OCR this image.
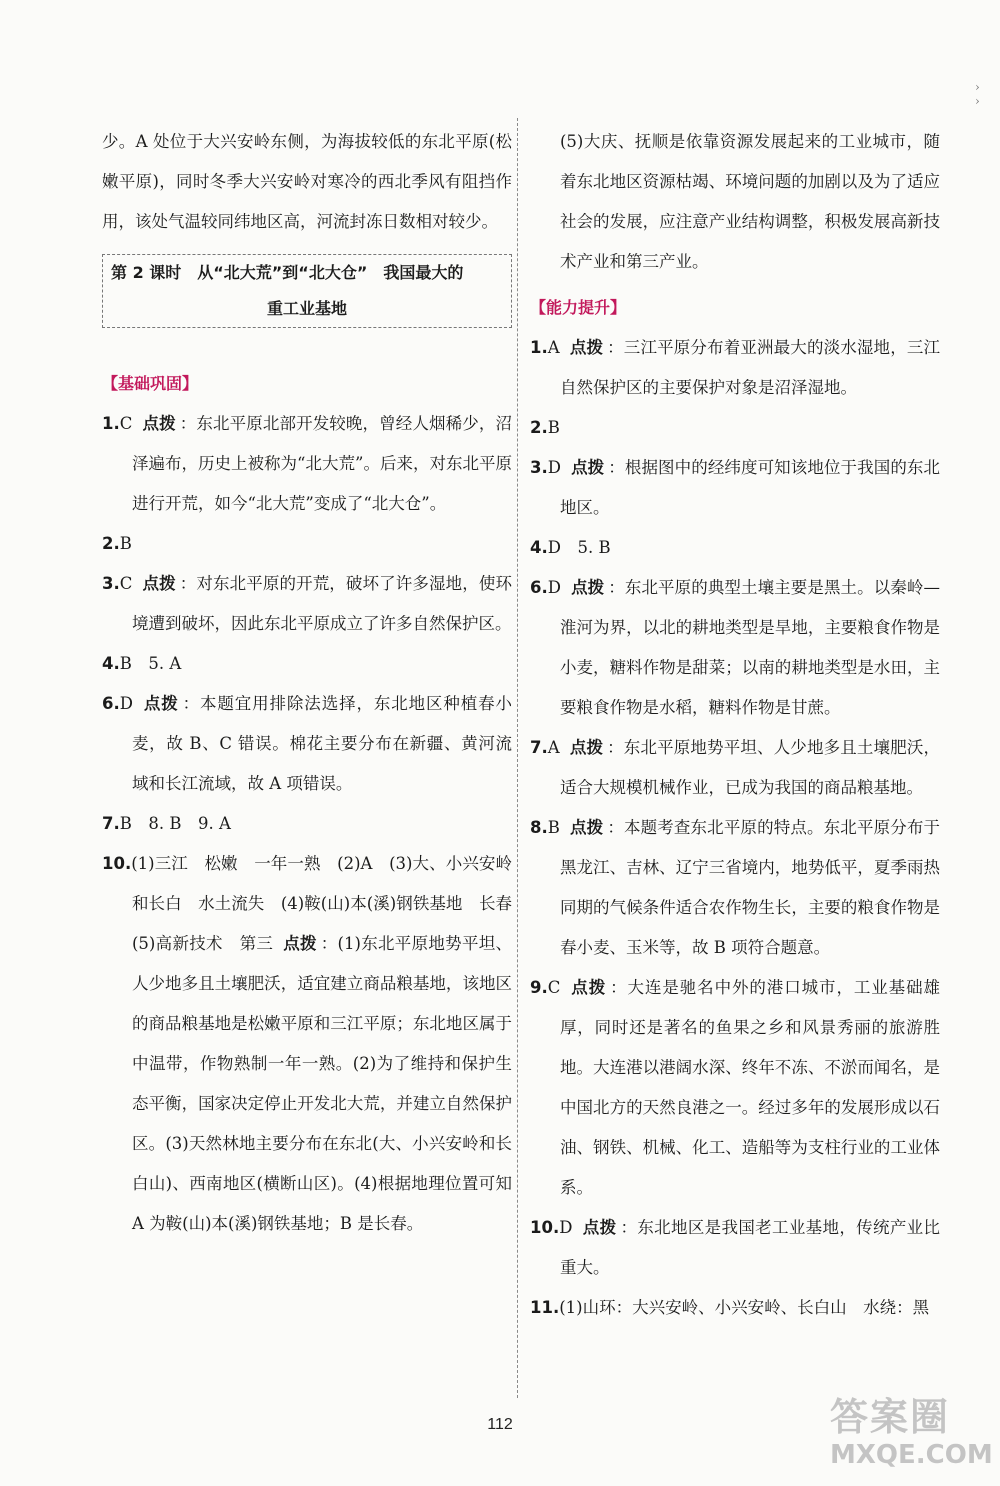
›
›

少。A 处位于大兴安岭东侧，为海拔较低的东北平原(松嫩平原)，同时冬季大兴安岭对寒冷的西北季风有阻挡作用，该处气温较同纬地区高，河流封冻日数相对较少。

第 2 课时　从“北大荒”到“北大仓”　我国最大的
重工业基地
【基础巩固】

1.C 点拨 ：东北平原北部开发较晚，曾经人烟稀少，沼泽遍布，历史上被称为“北大荒”。后来，对东北平原进行开荒，如今“北大荒”变成了“北大仓”。

2.B

3.C 点拨 ：对东北平原的开荒，破坏了许多湿地，使环境遭到破坏，因此东北平原成立了许多自然保护区。

4.B　5. A

6.D 点拨 ：本题宜用排除法选择，东北地区种植春小麦，故 B、C 错误。棉花主要分布在新疆、黄河流域和长江流域，故 A 项错误。

7.B　8. B　9. A

10.(1)三江　松嫩　一年一熟　(2)A　(3)大、小兴安岭和长白　水土流失　(4)鞍(山)本(溪)钢铁基地　长春　(5)高新技术　第三 点拨 ：(1)东北平原地势平坦、人少地多且土壤肥沃，适宜建立商品粮基地，该地区的商品粮基地是松嫩平原和三江平原；东北地区属于中温带，作物熟制一年一熟。(2)为了维持和保护生态平衡，国家决定停止开发北大荒，并建立自然保护区。(3)天然林地主要分布在东北(大、小兴安岭和长白山)、西南地区(横断山区)。(4)根据地理位置可知 A 为鞍(山)本(溪)钢铁基地；B 是长春。

(5)大庆、抚顺是依靠资源发展起来的工业城市，随着东北地区资源枯竭、环境问题的加剧以及为了适应社会的发展，应注意产业结构调整，积极发展高新技术产业和第三产业。

【能力提升】

1.A 点拨 ：三江平原分布着亚洲最大的淡水湿地，三江自然保护区的主要保护对象是沼泽湿地。

2.B

3.D 点拨 ：根据图中的经纬度可知该地位于我国的东北地区。

4.D　5. B

6.D 点拨 ：东北平原的典型土壤主要是黑土。以秦岭—淮河为界，以北的耕地类型是旱地，主要粮食作物是小麦，糖料作物是甜菜；以南的耕地类型是水田，主要粮食作物是水稻，糖料作物是甘蔗。

7.A 点拨 ：东北平原地势平坦、人少地多且土壤肥沃，适合大规模机械作业，已成为我国的商品粮基地。

8.B 点拨 ：本题考查东北平原的特点。东北平原分布于黑龙江、吉林、辽宁三省境内，地势低平，夏季雨热同期的气候条件适合农作物生长，主要的粮食作物是春小麦、玉米等，故 B 项符合题意。

9.C 点拨 ：大连是驰名中外的港口城市，工业基础雄厚，同时还是著名的鱼果之乡和风景秀丽的旅游胜地。大连港以港阔水深、终年不冻、不淤而闻名，是中国北方的天然良港之一。经过多年的发展形成以石油、钢铁、机械、化工、造船等为支柱行业的工业体系。

10.D 点拨 ：东北地区是我国老工业基地，传统产业比重大。

11.(1)山环：大兴安岭、小兴安岭、长白山　水绕：黑

112	答案圈
MXQE.COM
